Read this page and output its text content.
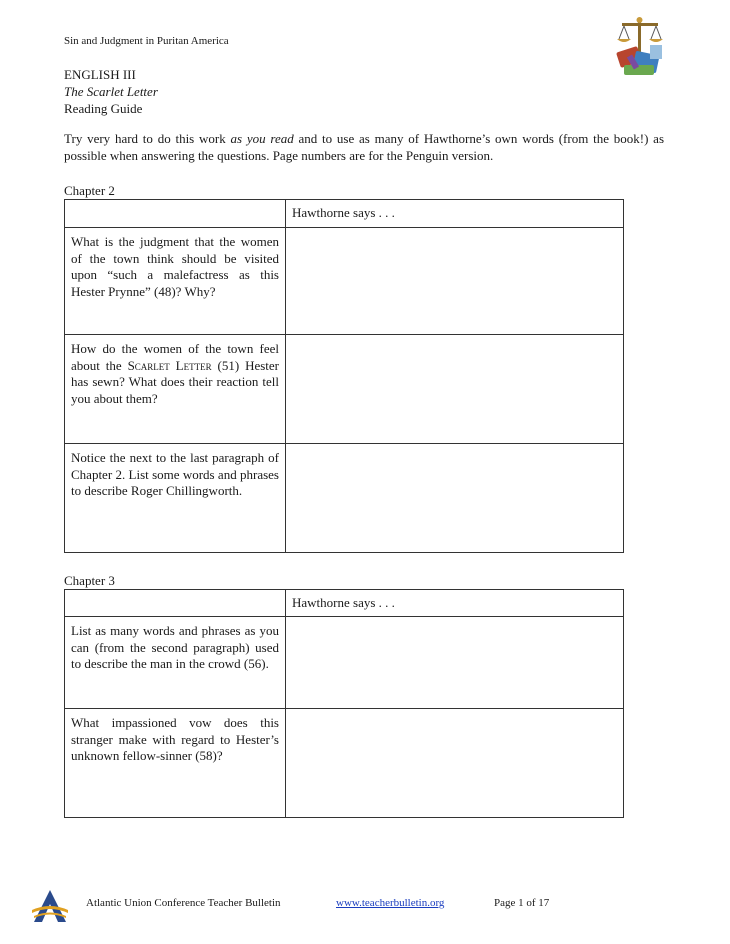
Sin and Judgment in Puritan America
ENGLISH III
The Scarlet Letter
Reading Guide
Try very hard to do this work as you read and to use as many of Hawthorne’s own words (from the book!) as possible when answering the questions. Page numbers are for the Penguin version.
Chapter 2
	Hawthorne says . . .
What is the judgment that the women of the town think should be visited upon “such a malefactress as this Hester Prynne” (48)? Why?	
How do the women of the town feel about the Scarlet Letter (51) Hester has sewn? What does their reaction tell you about them?	
Notice the next to the last paragraph of Chapter 2. List some words and phrases to describe Roger Chillingworth.	
Chapter 3
	Hawthorne says . . .
List as many words and phrases as you can (from the second paragraph) used to describe the man in the crowd (56).	
What impassioned vow does this stranger make with regard to Hester’s unknown fellow-sinner (58)?	
Atlantic Union Conference Teacher Bulletin	www.teacherbulletin.org	Page 1 of 17
